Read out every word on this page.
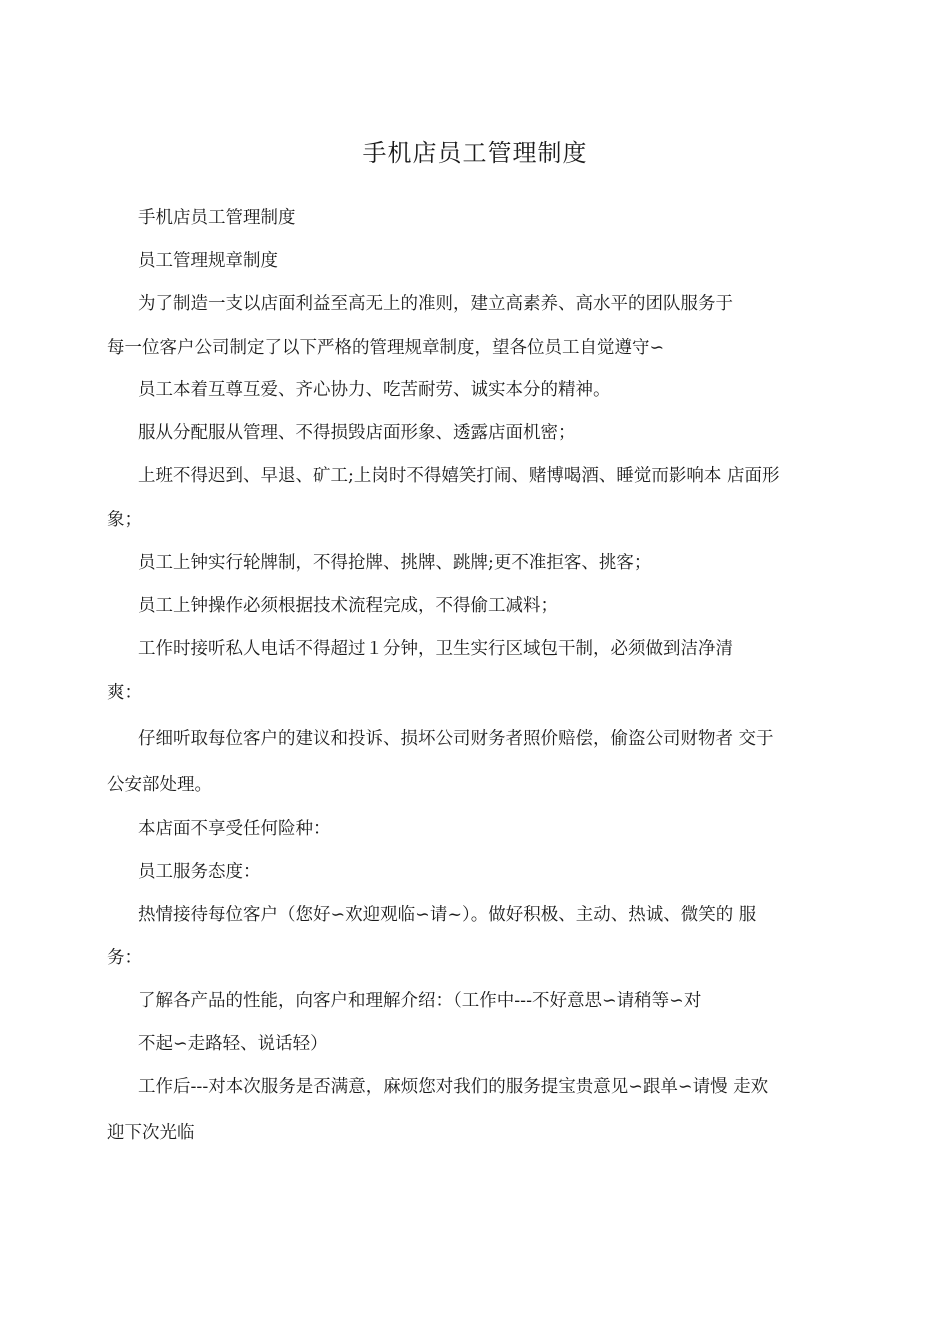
手机店员工管理制度
手机店员工管理制度
员工管理规章制度
为了制造一支以店面利益至高无上的准则，建立高素养、高水平的团队服务于
每一位客户公司制定了以下严格的管理规章制度，望各位员工自觉遵守∽
员工本着互尊互爱、齐心协力、吃苦耐劳、诚实本分的精神。
服从分配服从管理、不得损毁店面形象、透露店面机密；
上班不得迟到、早退、矿工;上岗时不得嬉笑打闹、赌博喝酒、睡觉而影响本 店面形
象；
员工上钟实行轮牌制，不得抢牌、挑牌、跳牌;更不准拒客、挑客；
员工上钟操作必须根据技术流程完成，不得偷工减料；
工作时接听私人电话不得超过１分钟，卫生实行区域包干制，必须做到洁净清
爽：
仔细听取每位客户的建议和投诉、损坏公司财务者照价赔偿，偷盗公司财物者 交于
公安部处理。
本店面不享受任何险种：
员工服务态度：
热情接待每位客户（您好∽欢迎观临∽请~）。做好积极、主动、热诚、微笑的 服
务：
了解各产品的性能，向客户和理解介绍：（工作中---不好意思∽请稍等∽对
不起∽走路轻、说话轻）
工作后---对本次服务是否满意，麻烦您对我们的服务提宝贵意见∽跟单∽请慢 走欢
迎下次光临
